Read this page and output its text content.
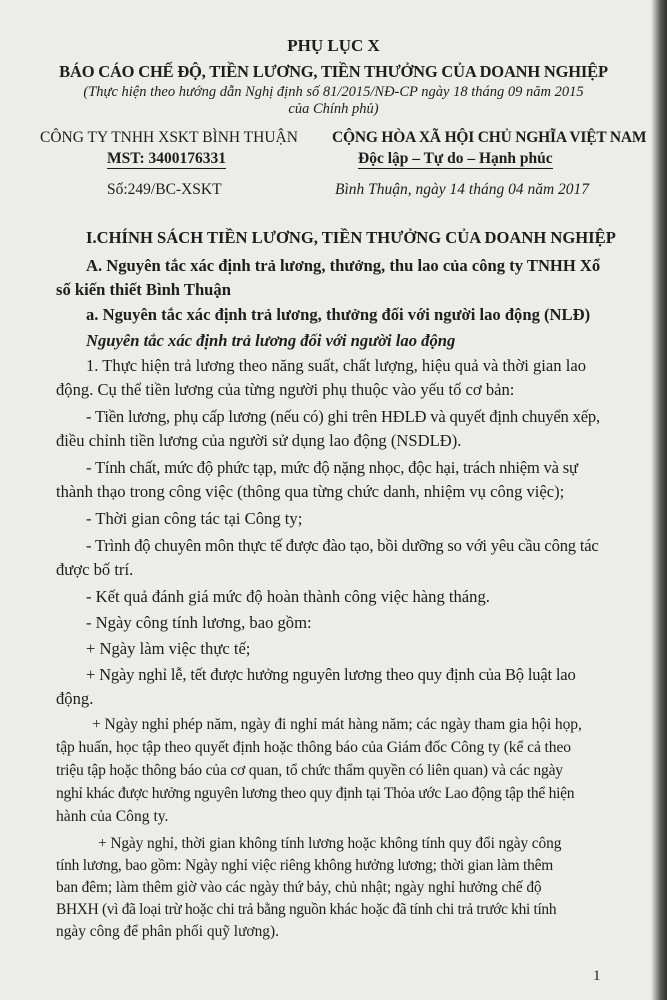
PHỤ LỤC X
BÁO CÁO CHẾ ĐỘ, TIỀN LƯƠNG, TIỀN THƯỞNG CỦA DOANH NGHIỆP
(Thực hiện theo hướng dẫn Nghị định số 81/2015/NĐ-CP ngày 18 tháng 09 năm 2015
của Chính phủ)
CÔNG TY TNHH XSKT BÌNH THUẬN
MST: 3400176331
Số:249/BC-XSKT
CỘNG HÒA XÃ HỘI CHỦ NGHĨA VIỆT NAM
Độc lập – Tự do – Hạnh phúc
Bình Thuận, ngày 14 tháng 04 năm 2017
I.CHÍNH SÁCH TIỀN LƯƠNG, TIỀN THƯỞNG CỦA DOANH NGHIỆP
A. Nguyên tắc xác định trả lương, thưởng, thu lao của công ty TNHH Xổ
số kiến thiết Bình Thuận
a. Nguyên tắc xác định trả lương, thưởng đối với người lao động (NLĐ)
Nguyên tắc xác định trả lương đối với người lao động
1. Thực hiện trả lương theo năng suất, chất lượng, hiệu quả và thời gian lao
động. Cụ thể tiền lương của từng người phụ thuộc vào yếu tố cơ bản:
- Tiền lương, phụ cấp lương (nếu có) ghi trên HĐLĐ và quyết định chuyển xếp,
điều chỉnh tiền lương của người sử dụng lao động (NSDLĐ).
- Tính chất, mức độ phức tạp, mức độ nặng nhọc, độc hại, trách nhiệm và sự
thành thạo trong công việc (thông qua từng chức danh, nhiệm vụ công việc);
- Thời gian công tác tại Công ty;
- Trình độ chuyên môn thực tế được đào tạo, bồi dưỡng so với yêu cầu công tác
được bố trí.
- Kết quả đánh giá mức độ hoàn thành công việc hàng tháng.
- Ngày công tính lương, bao gồm:
+ Ngày làm việc thực tế;
+ Ngày nghỉ lễ, tết được hưởng nguyên lương theo quy định của Bộ luật lao
động.
+ Ngày nghỉ phép năm, ngày đi nghỉ mát hàng năm; các ngày tham gia hội họp,
tập huấn, học tập theo quyết định hoặc thông báo của Giám đốc Công ty (kể cả theo
triệu tập hoặc thông báo của cơ quan, tổ chức thẩm quyền có liên quan) và các ngày
nghỉ khác được hưởng nguyên lương theo quy định tại Thỏa ước Lao động tập thể hiện
hành của Công ty.
+ Ngày nghỉ, thời gian không tính lương hoặc không tính quy đổi ngày công
tính lương, bao gồm: Ngày nghỉ việc riêng không hưởng lương; thời gian làm thêm
ban đêm; làm thêm giờ vào các ngày thứ bảy, chủ nhật; ngày nghỉ hưởng chế độ
BHXH (vì đã loại trừ hoặc chi trả bằng nguồn khác hoặc đã tính chi trả trước khi tính
ngày công để phân phối quỹ lương).
1
